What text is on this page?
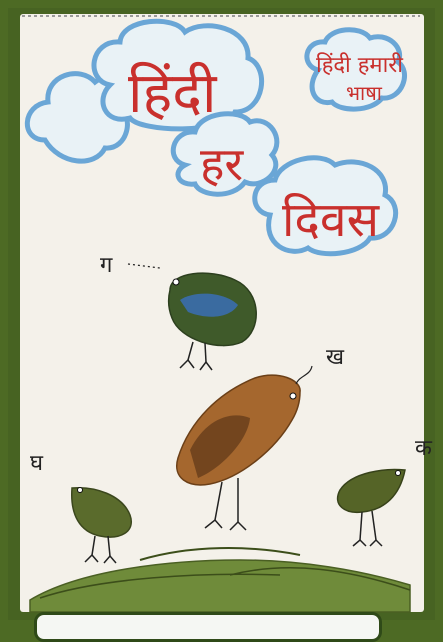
हिंदी
हर
दिवस
हिंदी हमारी
भाषा
ग
ख
घ
क
